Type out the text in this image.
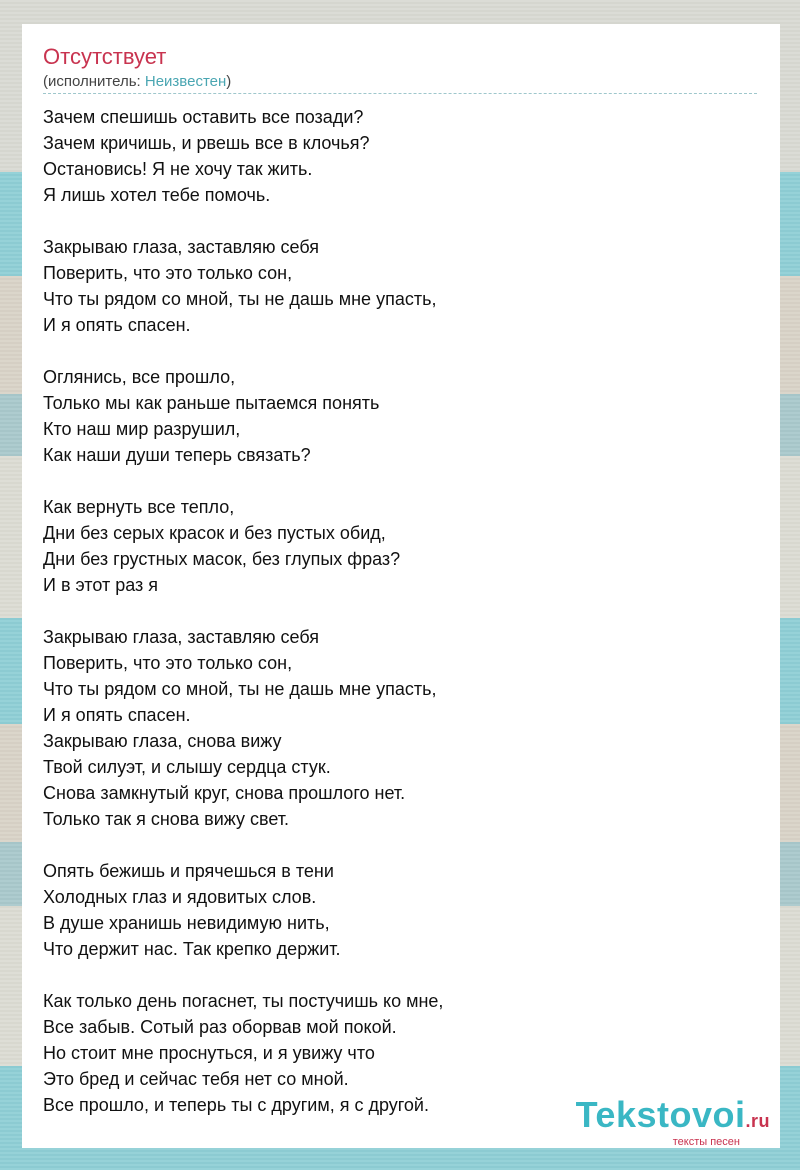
Отсутствует
(исполнитель: Неизвестен)
Зачем спешишь оставить все позади?
Зачем кричишь, и рвешь все в клочья?
Остановись! Я не хочу так жить.
Я лишь хотел тебе помочь.
Закрываю глаза, заставляю себя
Поверить, что это только сон,
Что ты рядом со мной, ты не дашь мне упасть,
И я опять спасен.
Оглянись, все прошло,
Только мы как раньше пытаемся понять
Кто наш мир разрушил,
Как наши души теперь связать?
Как вернуть все тепло,
Дни без серых красок и без пустых обид,
Дни без грустных масок, без глупых фраз?
И в этот раз я
Закрываю глаза, заставляю себя
Поверить, что это только сон,
Что ты рядом со мной, ты не дашь мне упасть,
И я опять спасен.
Закрываю глаза, снова вижу
Твой силуэт, и слышу сердца стук.
Снова замкнутый круг, снова прошлого нет.
Только так я снова вижу свет.
Опять бежишь и прячешься в тени
Холодных глаз и ядовитых слов.
В душе хранишь невидимую нить,
Что держит нас. Так крепко держит.
Как только день погаснет, ты постучишь ко мне,
Все забыв. Сотый раз оборвав мой покой.
Но стоит мне проснуться, и я увижу что
Это бред и сейчас тебя нет со мной.
Все прошло, и теперь ты с другим, я с другой.	Tekstovoi.ru
тексты песен
